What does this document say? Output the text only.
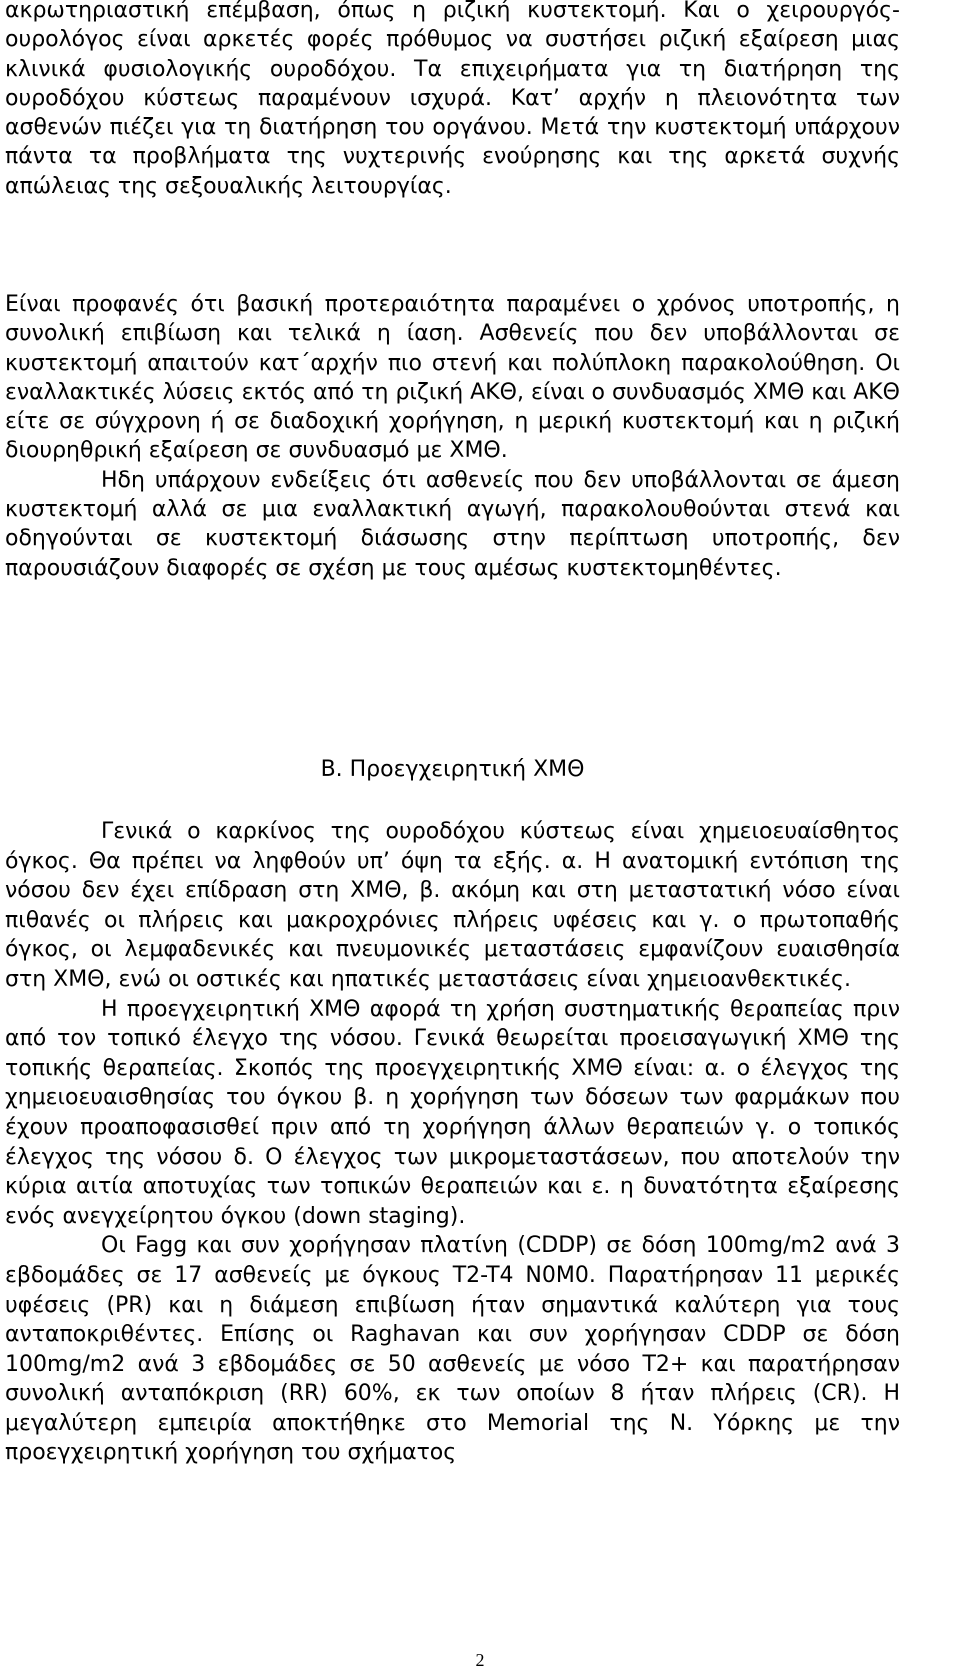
ακρωτηριαστική επέμβαση, όπως η ριζική κυστεκτομή. Και ο χειρουργός-ουρολόγος είναι αρκετές φορές πρόθυμος να συστήσει ριζική εξαίρεση μιας κλινικά φυσιολογικής ουροδόχου. Τα επιχειρήματα για τη διατήρηση της ουροδόχου κύστεως παραμένουν ισχυρά. Κατ’ αρχήν η πλειονότητα των ασθενών πιέζει για τη διατήρηση του οργάνου. Μετά την κυστεκτομή υπάρχουν πάντα τα προβλήματα της νυχτερινής ενούρησης και της αρκετά συχνής απώλειας της σεξουαλικής λειτουργίας.

Είναι προφανές ότι βασική προτεραιότητα παραμένει ο χρόνος υποτροπής, η συνολική επιβίωση και τελικά η ίαση. Ασθενείς που δεν υποβάλλονται σε κυστεκτομή απαιτούν κατ΄αρχήν πιο στενή και πολύπλοκη παρακολούθηση. Οι εναλλακτικές λύσεις εκτός από τη ριζική ΑΚΘ, είναι ο συνδυασμός ΧΜΘ και ΑΚΘ είτε σε σύγχρονη ή σε διαδοχική χορήγηση, η μερική κυστεκτομή και η ριζική διουρηθρική εξαίρεση σε συνδυασμό με ΧΜΘ.

Ηδη υπάρχουν ενδείξεις ότι ασθενείς που δεν υποβάλλονται σε άμεση κυστεκτομή αλλά σε μια εναλλακτική αγωγή, παρακολουθούνται στενά και οδηγούνται σε κυστεκτομή διάσωσης στην περίπτωση υποτροπής, δεν παρουσιάζουν διαφορές σε σχέση με τους αμέσως κυστεκτομηθέντες.

Β. Προεγχειρητική ΧΜΘ

Γενικά ο καρκίνος της ουροδόχου κύστεως είναι χημειοευαίσθητος όγκος. Θα πρέπει να ληφθούν υπ’ όψη τα εξής. α. Η ανατομική εντόπιση της νόσου δεν έχει επίδραση στη ΧΜΘ, β. ακόμη και στη μεταστατική νόσο είναι πιθανές οι πλήρεις και μακροχρόνιες πλήρεις υφέσεις και γ. ο πρωτοπαθής όγκος, οι λεμφαδενικές και πνευμονικές μεταστάσεις εμφανίζουν ευαισθησία στη ΧΜΘ, ενώ οι οστικές και ηπατικές μεταστάσεις είναι χημειοανθεκτικές.

Η προεγχειρητική ΧΜΘ αφορά τη χρήση συστηματικής θεραπείας πριν από τον τοπικό έλεγχο της νόσου. Γενικά θεωρείται προεισαγωγική ΧΜΘ της τοπικής θεραπείας. Σκοπός της προεγχειρητικής ΧΜΘ είναι: α. ο έλεγχος της χημειοευαισθησίας του όγκου β. η χορήγηση των δόσεων των φαρμάκων που έχουν προαποφασισθεί πριν από τη χορήγηση άλλων θεραπειών γ. ο τοπικός έλεγχος της νόσου δ. Ο έλεγχος των μικρομεταστάσεων, που αποτελούν την κύρια αιτία αποτυχίας των τοπικών θεραπειών και ε. η δυνατότητα εξαίρεσης ενός ανεγχείρητου όγκου (down staging).

Οι Fagg και συν χορήγησαν πλατίνη (CDDP) σε δόση 100mg/m2 ανά 3 εβδομάδες σε 17 ασθενείς με όγκους T2-T4 N0M0. Παρατήρησαν 11 μερικές υφέσεις (PR) και η διάμεση επιβίωση ήταν σημαντικά καλύτερη για τους ανταποκριθέντες. Επίσης οι Raghavan και συν χορήγησαν CDDP σε δόση 100mg/m2 ανά 3 εβδομάδες σε 50 ασθενείς με νόσο T2+ και παρατήρησαν συνολική ανταπόκριση (RR) 60%, εκ των οποίων 8 ήταν πλήρεις (CR). Η μεγαλύτερη εμπειρία αποκτήθηκε στο Memorial της Ν. Υόρκης με την προεγχειρητική χορήγηση του σχήματος

2
